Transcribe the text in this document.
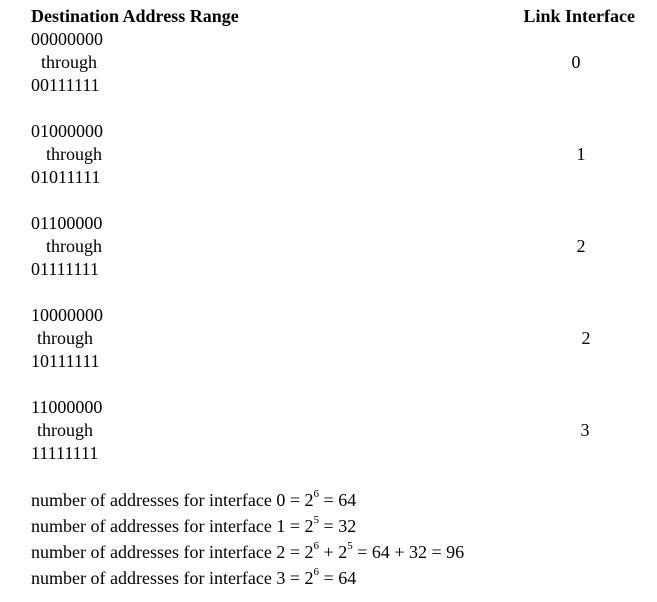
Destination Address Range	Link Interface
00000000
through
00111111
0
01000000
through
01011111
1
01100000
through
01111111
2
10000000
through
10111111
2
11000000
through
11111111
3
number of addresses for interface $0 = 2^6 = 64$
number of addresses for interface $1 = 2^5 = 32$
number of addresses for interface $2 = 2^6 + 2^5 = 64 + 32 = 96$
number of addresses for interface $3 = 2^6 = 64$
